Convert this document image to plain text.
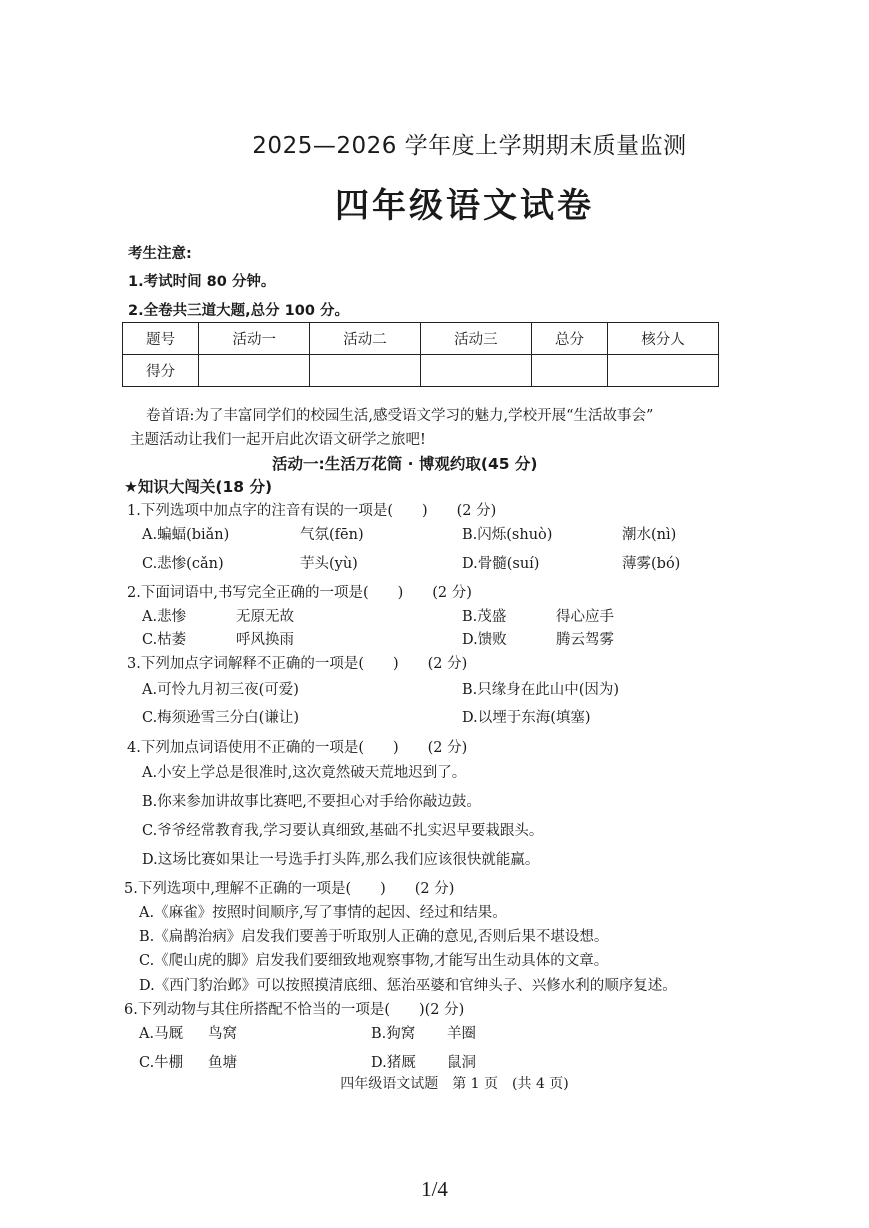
2025—2026 学年度上学期期末质量监测
四年级语文试卷
考生注意:
1.考试时间 80 分钟。
2.全卷共三道大题,总分 100 分。
题号	活动一	活动二	活动三	总分	核分人
得分					
卷首语:为了丰富同学们的校园生活,感受语文学习的魅力,学校开展“生活故事会”
主题活动让我们一起开启此次语文研学之旅吧!
活动一:生活万花筒 · 博观约取(45 分)
★知识大闯关(18 分)
1.下列选项中加点字的注音有误的一项是(　　)　　(2 分)
A.蝙蝠(biǎn)	气氛(fēn)	B.闪烁(shuò)	潮水(nì)
C.悲惨(cǎn)	芋头(yù)	D.骨髓(suí)	薄雾(bó)
2.下面词语中,书写完全正确的一项是(　　)　　(2 分)
A.悲惨	无原无故	B.茂盛	得心应手
C.枯萎	呼风换雨	D.馈败	腾云驾雾
3.下列加点字词解释不正确的一项是(　　)　　(2 分)
A.可怜九月初三夜(可爱)	B.只缘身在此山中(因为)
C.梅须逊雪三分白(谦让)	D.以堙于东海(填塞)
4.下列加点词语使用不正确的一项是(　　)　　(2 分)
A.小安上学总是很准时,这次竟然破天荒地迟到了。
B.你来参加讲故事比赛吧,不要担心对手给你敲边鼓。
C.爷爷经常教育我,学习要认真细致,基础不扎实迟早要栽跟头。
D.这场比赛如果让一号选手打头阵,那么我们应该很快就能赢。
5.下列选项中,理解不正确的一项是(　　)　　(2 分)
A.《麻雀》按照时间顺序,写了事情的起因、经过和结果。
B.《扁鹊治病》启发我们要善于听取别人正确的意见,否则后果不堪设想。
C.《爬山虎的脚》启发我们要细致地观察事物,才能写出生动具体的文章。
D.《西门豹治邺》可以按照摸清底细、惩治巫婆和官绅头子、兴修水利的顺序复述。
6.下列动物与其住所搭配不恰当的一项是(　　)(2 分)
A.马厩 鸟窝	B.狗窝 羊圈
C.牛棚 鱼塘	D.猪厩 鼠洞
四年级语文试题　第 1 页　(共 4 页)
1/4
